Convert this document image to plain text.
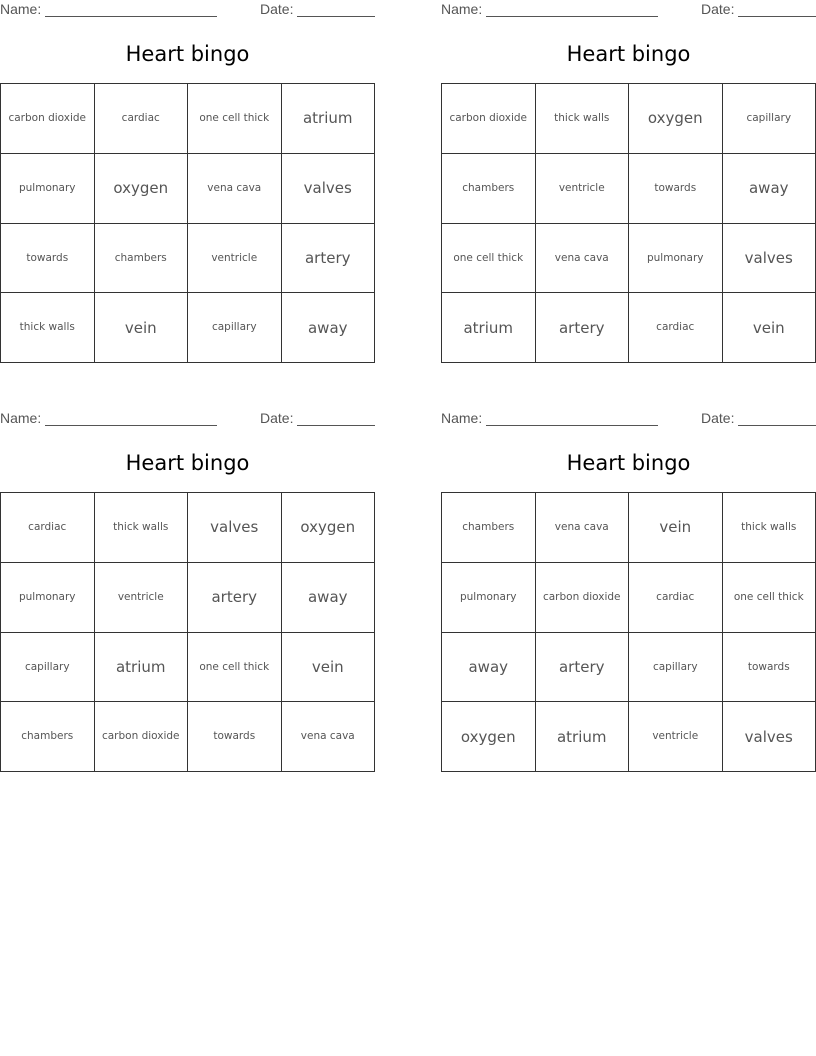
Name:	Date:
Heart bingo
carbon dioxide	cardiac	one cell thick	atrium
pulmonary	oxygen	vena cava	valves
towards	chambers	ventricle	artery
thick walls	vein	capillary	away
Name:	Date:
Heart bingo
carbon dioxide	thick walls	oxygen	capillary
chambers	ventricle	towards	away
one cell thick	vena cava	pulmonary	valves
atrium	artery	cardiac	vein
Name:	Date:
Heart bingo
cardiac	thick walls	valves	oxygen
pulmonary	ventricle	artery	away
capillary	atrium	one cell thick	vein
chambers	carbon dioxide	towards	vena cava
Name:	Date:
Heart bingo
chambers	vena cava	vein	thick walls
pulmonary	carbon dioxide	cardiac	one cell thick
away	artery	capillary	towards
oxygen	atrium	ventricle	valves
